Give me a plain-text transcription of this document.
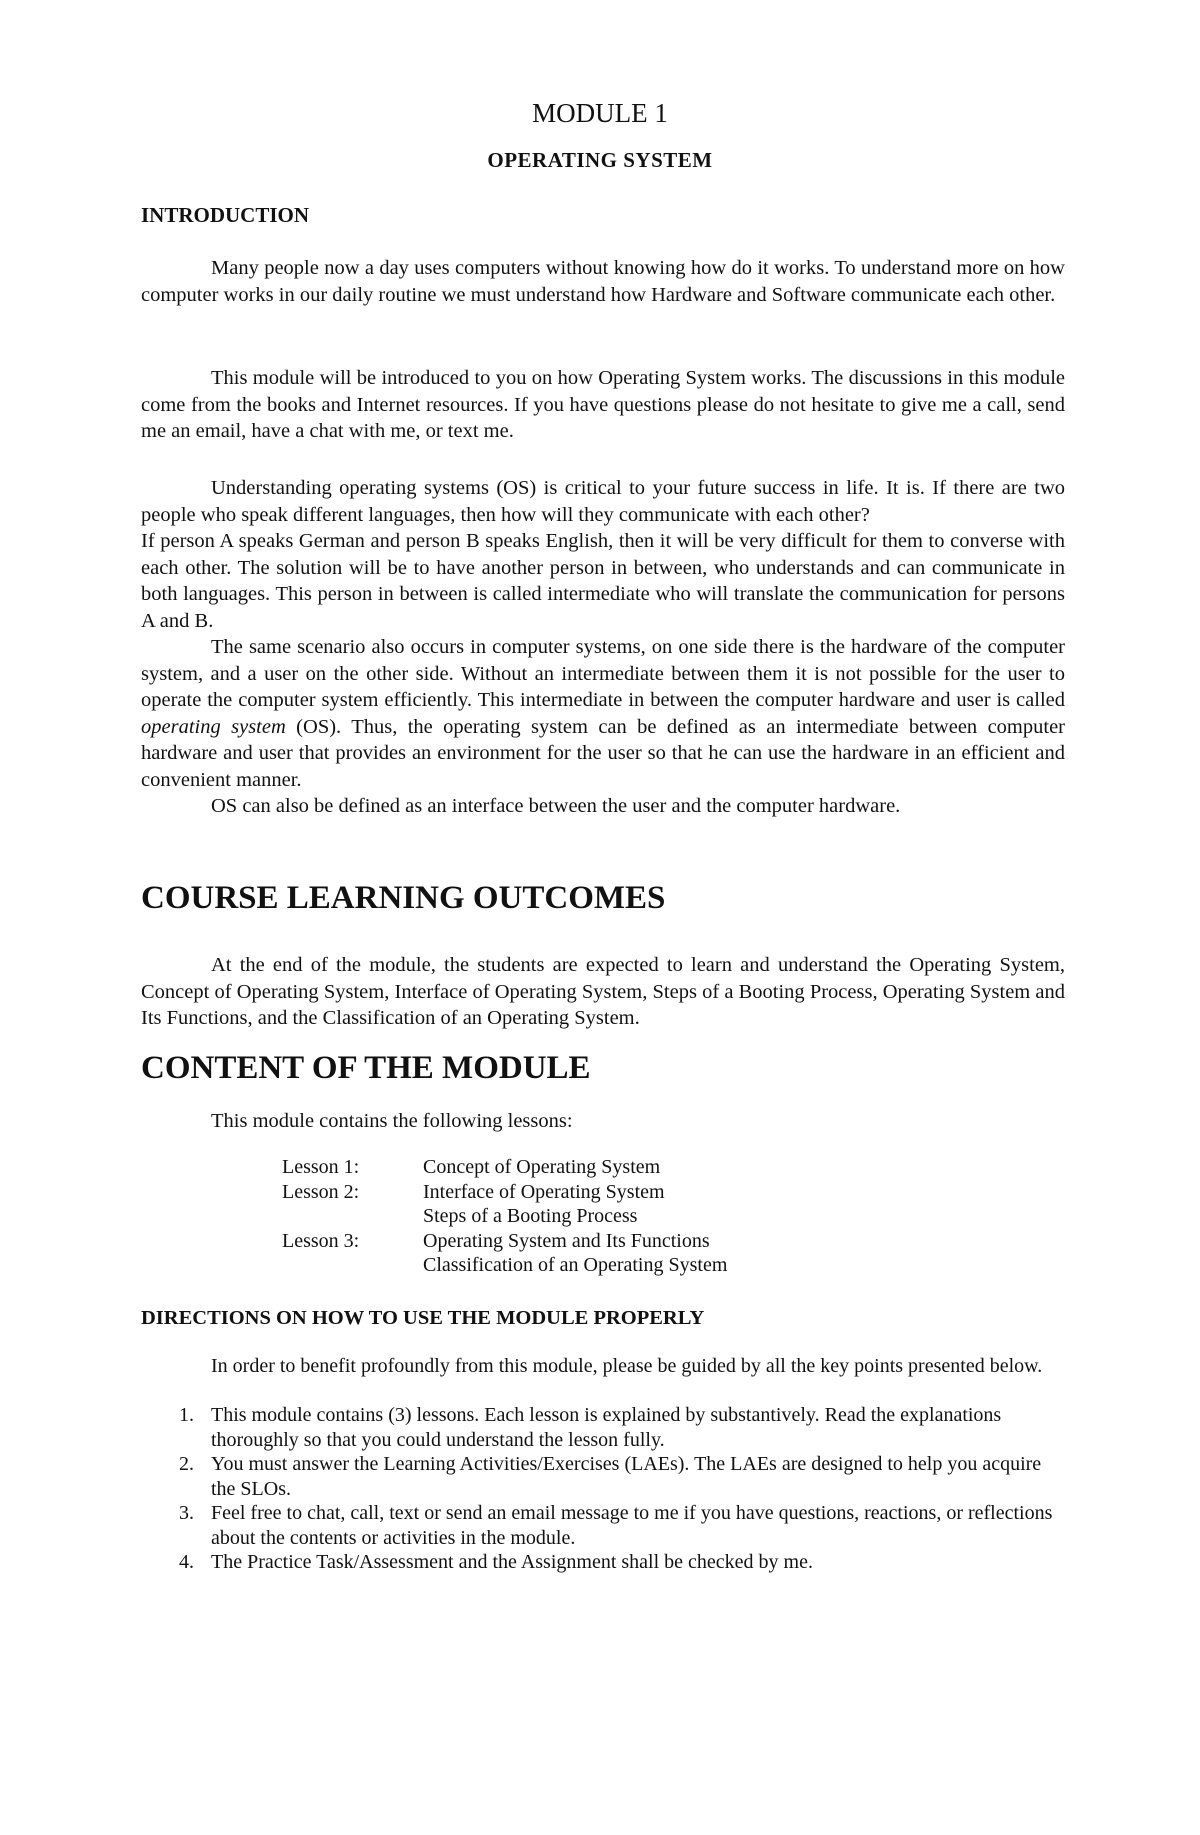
MODULE 1
OPERATING SYSTEM
INTRODUCTION

Many people now a day uses computers without knowing how do it works. To understand more on how computer works in our daily routine we must understand how Hardware and Software communicate each other.

This module will be introduced to you on how Operating System works. The discussions in this module come from the books and Internet resources. If you have questions please do not hesitate to give me a call, send me an email, have a chat with me, or text me.

Understanding operating systems (OS) is critical to your future success in life. It is. If there are two people who speak different languages, then how will they communicate with each other?

If person A speaks German and person B speaks English, then it will be very difficult for them to converse with each other. The solution will be to have another person in between, who understands and can communicate in both languages. This person in between is called intermediate who will translate the communication for persons A and B.

The same scenario also occurs in computer systems, on one side there is the hardware of the computer system, and a user on the other side. Without an intermediate between them it is not possible for the user to operate the computer system efficiently. This intermediate in between the computer hardware and user is called operating system (OS). Thus, the operating system can be defined as an intermediate between computer hardware and user that provides an environment for the user so that he can use the hardware in an efficient and convenient manner.

OS can also be defined as an interface between the user and the computer hardware.

COURSE LEARNING OUTCOMES

At the end of the module, the students are expected to learn and understand the Operating System, Concept of Operating System, Interface of Operating System, Steps of a Booting Process, Operating System and Its Functions, and the Classification of an Operating System.

CONTENT OF THE MODULE
This module contains the following lessons:
Lesson 1:	Concept of Operating System
Lesson 2:	Interface of Operating System
Steps of a Booting Process
Lesson 3:	Operating System and Its Functions
Classification of an Operating System
DIRECTIONS ON HOW TO USE THE MODULE PROPERLY

In order to benefit profoundly from this module, please be guided by all the key points presented below.

1. This module contains (3) lessons. Each lesson is explained by substantively. Read the explanations thoroughly so that you could understand the lesson fully.
2. You must answer the Learning Activities/Exercises (LAEs). The LAEs are designed to help you acquire the SLOs.
3. Feel free to chat, call, text or send an email message to me if you have questions, reactions, or reflections about the contents or activities in the module.
4. The Practice Task/Assessment and the Assignment shall be checked by me.
